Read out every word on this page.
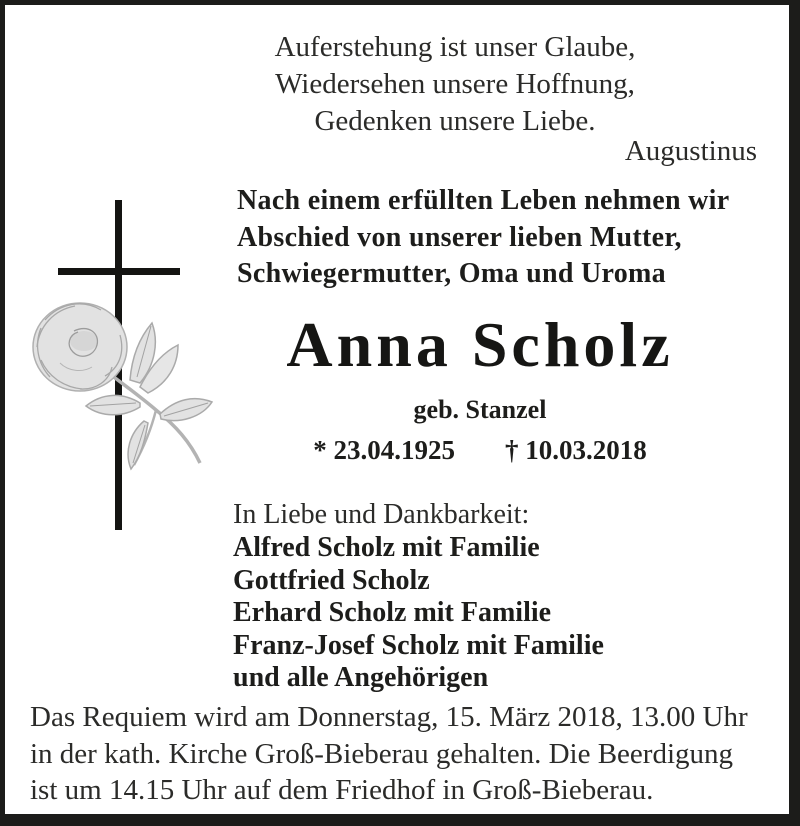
Auferstehung ist unser Glaube,
Wiedersehen unsere Hoffnung,
Gedenken unsere Liebe.
Augustinus
Nach einem erfüllten Leben nehmen wir
Abschied von unserer lieben Mutter,
Schwiegermutter, Oma und Uroma
Anna Scholz
geb. Stanzel
* 23.04.1925 † 10.03.2018
In Liebe und Dankbarkeit:
Alfred Scholz mit Familie
Gottfried Scholz
Erhard Scholz mit Familie
Franz-Josef Scholz mit Familie
und alle Angehörigen
Das Requiem wird am Donnerstag, 15. März 2018, 13.00 Uhr
in der kath. Kirche Groß-Bieberau gehalten. Die Beerdigung
ist um 14.15 Uhr auf dem Friedhof in Groß-Bieberau.
